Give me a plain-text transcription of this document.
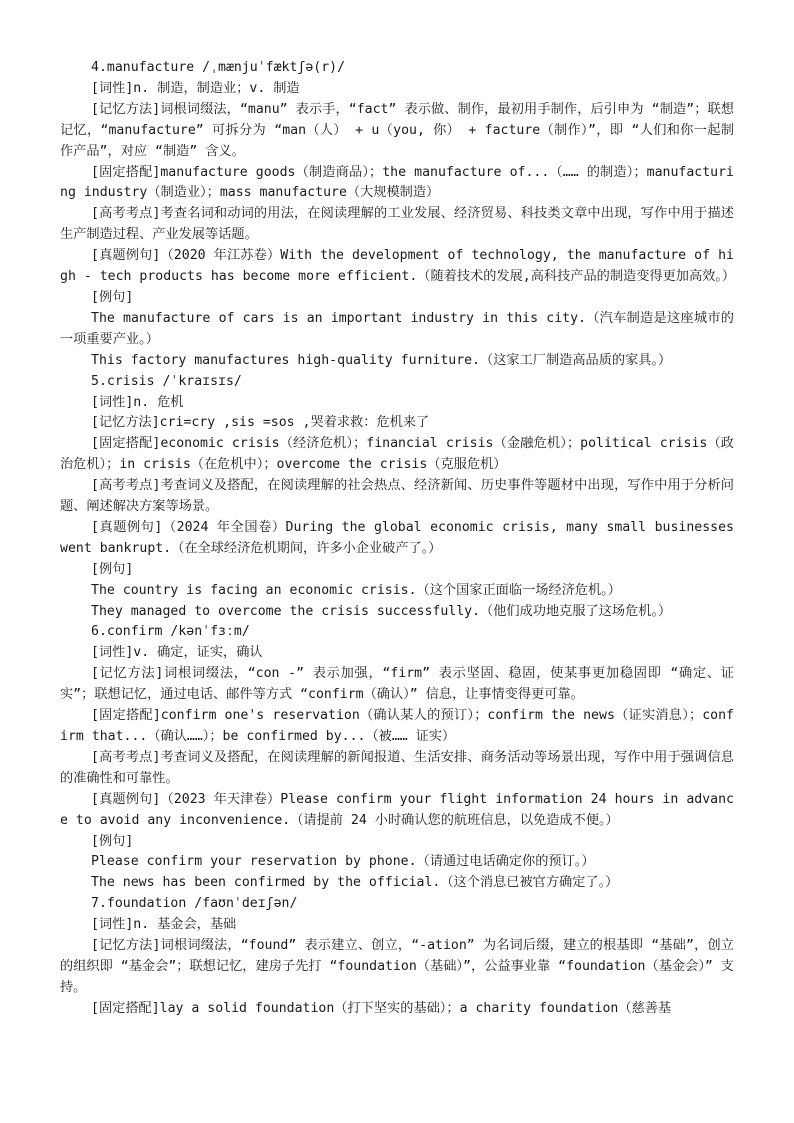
4.manufacture /ˌmænjuˈfæktʃə(r)/

[词性]n. 制造，制造业；v. 制造

[记忆方法]词根词缀法，“manu” 表示手，“fact” 表示做、制作，最初用手制作，后引申为 “制造”；联想记忆，“manufacture” 可拆分为 “man（人） + u（you, 你） + facture（制作）”，即 “人们和你一起制作产品”，对应 “制造” 含义。

[固定搭配]manufacture goods（制造商品）；the manufacture of...（…… 的制造）；manufacturing industry（制造业）；mass manufacture（大规模制造）

[高考考点]考查名词和动词的用法，在阅读理解的工业发展、经济贸易、科技类文章中出现，写作中用于描述生产制造过程、产业发展等话题。

[真题例句]（2020 年江苏卷）With the development of technology, the manufacture of high - tech products has become more efficient.（随着技术的发展,高科技产品的制造变得更加高效。）

[例句]

The manufacture of cars is an important industry in this city.（汽车制造是这座城市的一项重要产业。）

This factory manufactures high-quality furniture.（这家工厂制造高品质的家具。）

5.crisis /ˈkraɪsɪs/

[词性]n. 危机

[记忆方法]cri=cry ,sis =sos ,哭着求救：危机来了

[固定搭配]economic crisis（经济危机）；financial crisis（金融危机）；political crisis（政治危机）；in crisis（在危机中）；overcome the crisis（克服危机）

[高考考点]考查词义及搭配，在阅读理解的社会热点、经济新闻、历史事件等题材中出现，写作中用于分析问题、阐述解决方案等场景。

[真题例句]（2024 年全国卷）During the global economic crisis, many small businesses went bankrupt.（在全球经济危机期间，许多小企业破产了。）

[例句]

The country is facing an economic crisis.（这个国家正面临一场经济危机。）

They managed to overcome the crisis successfully.（他们成功地克服了这场危机。）

6.confirm /kənˈfɜːm/

[词性]v. 确定，证实，确认

[记忆方法]词根词缀法，“con -” 表示加强，“firm” 表示坚固、稳固，使某事更加稳固即 “确定、证实”；联想记忆，通过电话、邮件等方式 “confirm（确认）” 信息，让事情变得更可靠。

[固定搭配]confirm one's reservation（确认某人的预订）；confirm the news（证实消息）；confirm that...（确认……）；be confirmed by...（被…… 证实）

[高考考点]考查词义及搭配，在阅读理解的新闻报道、生活安排、商务活动等场景出现，写作中用于强调信息的准确性和可靠性。

[真题例句]（2023 年天津卷）Please confirm your flight information 24 hours in advance to avoid any inconvenience.（请提前 24 小时确认您的航班信息，以免造成不便。）

[例句]

Please confirm your reservation by phone.（请通过电话确定你的预订。）

The news has been confirmed by the official.（这个消息已被官方确定了。）

7.foundation /faʊnˈdeɪʃən/

[词性]n. 基金会，基础

[记忆方法]词根词缀法，“found” 表示建立、创立，“-ation” 为名词后缀，建立的根基即 “基础”，创立的组织即 “基金会”；联想记忆，建房子先打 “foundation（基础）”，公益事业靠 “foundation（基金会）” 支持。

[固定搭配]lay a solid foundation（打下坚实的基础）；a charity foundation（慈善基
